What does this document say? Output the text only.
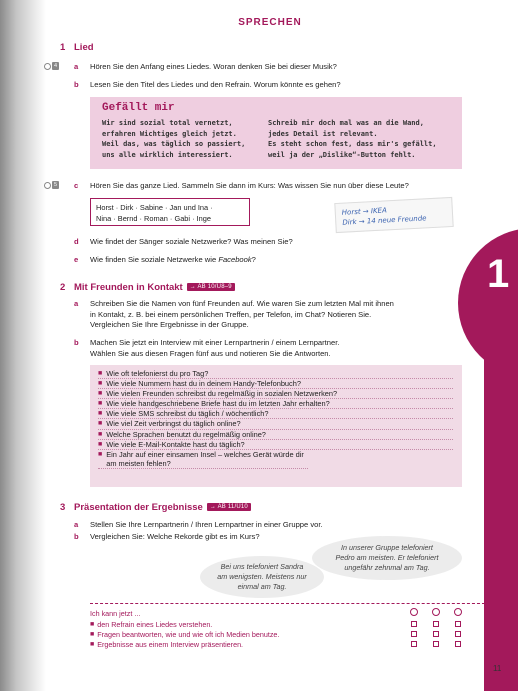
1
SPRECHEN
1 Lied
4 a Hören Sie den Anfang eines Liedes. Woran denken Sie bei dieser Musik?
b Lesen Sie den Titel des Liedes und den Refrain. Worum könnte es gehen?
Gefällt mir
Wir sind sozial total vernetzt,
erfahren Wichtiges gleich jetzt.
Weil das, was täglich so passiert,
uns alle wirklich interessiert.
Schreib mir doch mal was an die Wand,
jedes Detail ist relevant.
Es steht schon fest, dass mir's gefällt,
weil ja der „Dislike“-Button fehlt.
5 c Hören Sie das ganze Lied. Sammeln Sie dann im Kurs: Was wissen Sie nun über diese Leute?
Horst · Dirk · Sabine · Jan und Ina ·
Nina · Bernd · Roman · Gabi · Inge
Horst → IKEA
Dirk → 14 neue Freunde
d Wie findet der Sänger soziale Netzwerke? Was meinen Sie?
e Wie finden Sie soziale Netzwerke wie Facebook?
2 Mit Freunden in Kontakt → AB 10/Ü8–9
a Schreiben Sie die Namen von fünf Freunden auf. Wie waren Sie zum letzten Mal mit ihnen
in Kontakt, z. B. bei einem persönlichen Treffen, per Telefon, im Chat? Notieren Sie.
Vergleichen Sie Ihre Ergebnisse in der Gruppe.
b Machen Sie jetzt ein Interview mit einer Lernpartnerin / einem Lernpartner.
Wählen Sie aus diesen Fragen fünf aus und notieren Sie die Antworten.
■ Wie oft telefonierst du pro Tag?
■ Wie viele Nummern hast du in deinem Handy-Telefonbuch?
■ Wie vielen Freunden schreibst du regelmäßig in sozialen Netzwerken?
■ Wie viele handgeschriebene Briefe hast du im letzten Jahr erhalten?
■ Wie viele SMS schreibst du täglich / wöchentlich?
■ Wie viel Zeit verbringst du täglich online?
■ Welche Sprachen benutzt du regelmäßig online?
■ Wie viele E-Mail-Kontakte hast du täglich?
■ Ein Jahr auf einer einsamen Insel – welches Gerät würde dir am meisten fehlen?
3 Präsentation der Ergebnisse → AB 11/Ü10
a Stellen Sie Ihre Lernpartnerin / Ihren Lernpartner in einer Gruppe vor.
b Vergleichen Sie: Welche Rekorde gibt es im Kurs?
In unserer Gruppe telefoniert
Pedro am meisten. Er telefoniert
ungefähr zehnmal am Tag.
Bei uns telefoniert Sandra
am wenigsten. Meistens nur
einmal am Tag.
Ich kann jetzt ...
■ den Refrain eines Liedes verstehen.
■ Fragen beantworten, wie und wie oft ich Medien benutze.
■ Ergebnisse aus einem Interview präsentieren.
11
